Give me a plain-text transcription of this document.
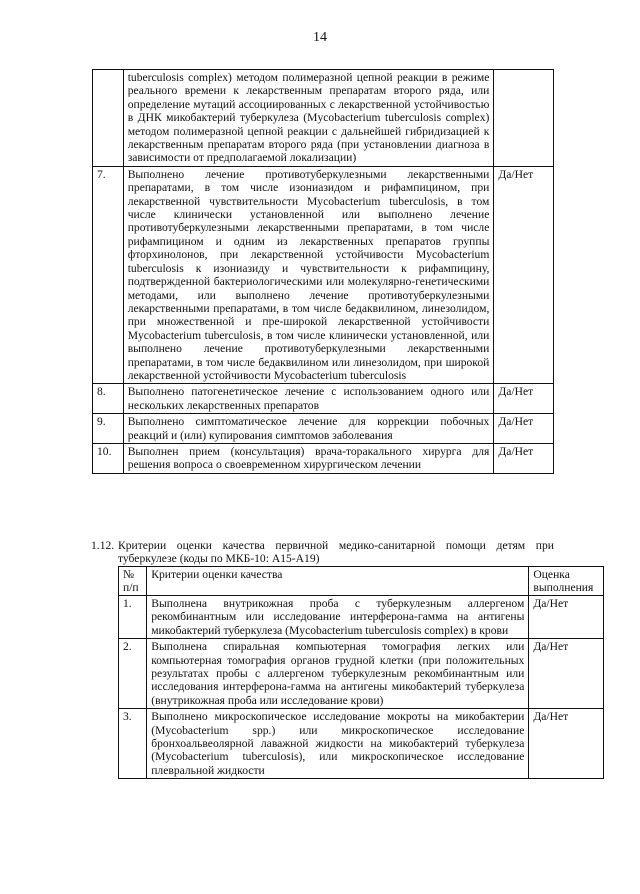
14
	tuberculosis complex) методом полимеразной цепной реакции в режиме реального времени к лекарственным препаратам второго ряда, или определение мутаций ассоциированных с лекарственной устойчивостью в ДНК микобактерий туберкулеза (Mycobacterium tuberculosis complex) методом полимеразной цепной реакции с дальнейшей гибридизацией к лекарственным препаратам второго ряда (при установлении диагноза в зависимости от предполагаемой локализации)	
7.	Выполнено лечение противотуберкулезными лекарственными препаратами, в том числе изониазидом и рифампицином, при лекарственной чувствительности Mycobacterium tuberculosis, в том числе клинически установленной или выполнено лечение противотуберкулезными лекарственными препаратами, в том числе рифампицином и одним из лекарственных препаратов группы фторхинолонов, при лекарственной устойчивости Mycobacterium tuberculosis к изониазиду и чувствительности к рифампицину, подтвержденной бактериологическими или молекулярно-генетическими методами, или выполнено лечение противотуберкулезными лекарственными препаратами, в том числе бедаквилином, линезолидом, при множественной и пре-широкой лекарственной устойчивости Mycobacterium tuberculosis, в том числе клинически установленной, или выполнено лечение противотуберкулезными лекарственными препаратами, в том числе бедаквилином или линезолидом, при широкой лекарственной устойчивости Mycobacterium tuberculosis	Да/Нет
8.	Выполнено патогенетическое лечение с использованием одного или нескольких лекарственных препаратов	Да/Нет
9.	Выполнено симптоматическое лечение для коррекции побочных реакций и (или) купирования симптомов заболевания	Да/Нет
10.	Выполнен прием (консультация) врача-торакального хирурга для решения вопроса о своевременном хирургическом лечении	Да/Нет
1.12. Критерии оценки качества первичной медико-санитарной помощи детям при туберкулезе (коды по МКБ-10: A15-A19)
№ п/п	Критерии оценки качества	Оценка выполнения
1.	Выполнена внутрикожная проба с туберкулезным аллергеном рекомбинантным или исследование интерферона-гамма на антигены микобактерий туберкулеза (Mycobacterium tuberculosis complex) в крови	Да/Нет
2.	Выполнена спиральная компьютерная томография легких или компьютерная томография органов грудной клетки (при положительных результатах пробы с аллергеном туберкулезным рекомбинантным или исследования интерферона-гамма на антигены микобактерий туберкулеза (внутрикожная проба или исследование крови)	Да/Нет
3.	Выполнено микроскопическое исследование мокроты на микобактерии (Mycobacterium spp.) или микроскопическое исследование бронхоальвеолярной лаважной жидкости на микобактерий туберкулеза (Mycobacterium tuberculosis), или микроскопическое исследование плевральной жидкости	Да/Нет
